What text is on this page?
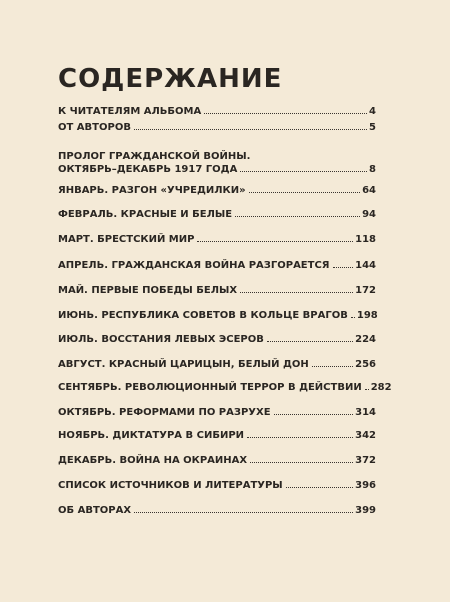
СОДЕРЖАНИЕ
К ЧИТАТЕЛЯМ АЛЬБОМА	4
ОТ АВТОРОВ	5
ПРОЛОГ ГРАЖДАНСКОЙ ВОЙНЫ.
ОКТЯБРЬ–ДЕКАБРЬ 1917 ГОДА	8
ЯНВАРЬ. РАЗГОН «УЧРЕДИЛКИ»	64
ФЕВРАЛЬ. КРАСНЫЕ И БЕЛЫЕ	94
МАРТ. БРЕСТСКИЙ МИР	118
АПРЕЛЬ. ГРАЖДАНСКАЯ ВОЙНА РАЗГОРАЕТСЯ	144
МАЙ. ПЕРВЫЕ ПОБЕДЫ БЕЛЫХ	172
ИЮНЬ. РЕСПУБЛИКА СОВЕТОВ В КОЛЬЦЕ ВРАГОВ 198
ИЮЛЬ. ВОССТАНИЯ ЛЕВЫХ ЭСЕРОВ	224
АВГУСТ. КРАСНЫЙ ЦАРИЦЫН, БЕЛЫЙ ДОН	256
СЕНТЯБРЬ. РЕВОЛЮЦИОННЫЙ ТЕРРОР В ДЕЙСТВИИ 282
ОКТЯБРЬ. РЕФОРМАМИ ПО РАЗРУХЕ	314
НОЯБРЬ. ДИКТАТУРА В СИБИРИ	342
ДЕКАБРЬ. ВОЙНА НА ОКРАИНАХ	372
СПИСОК ИСТОЧНИКОВ И ЛИТЕРАТУРЫ	396
ОБ АВТОРАХ	399
